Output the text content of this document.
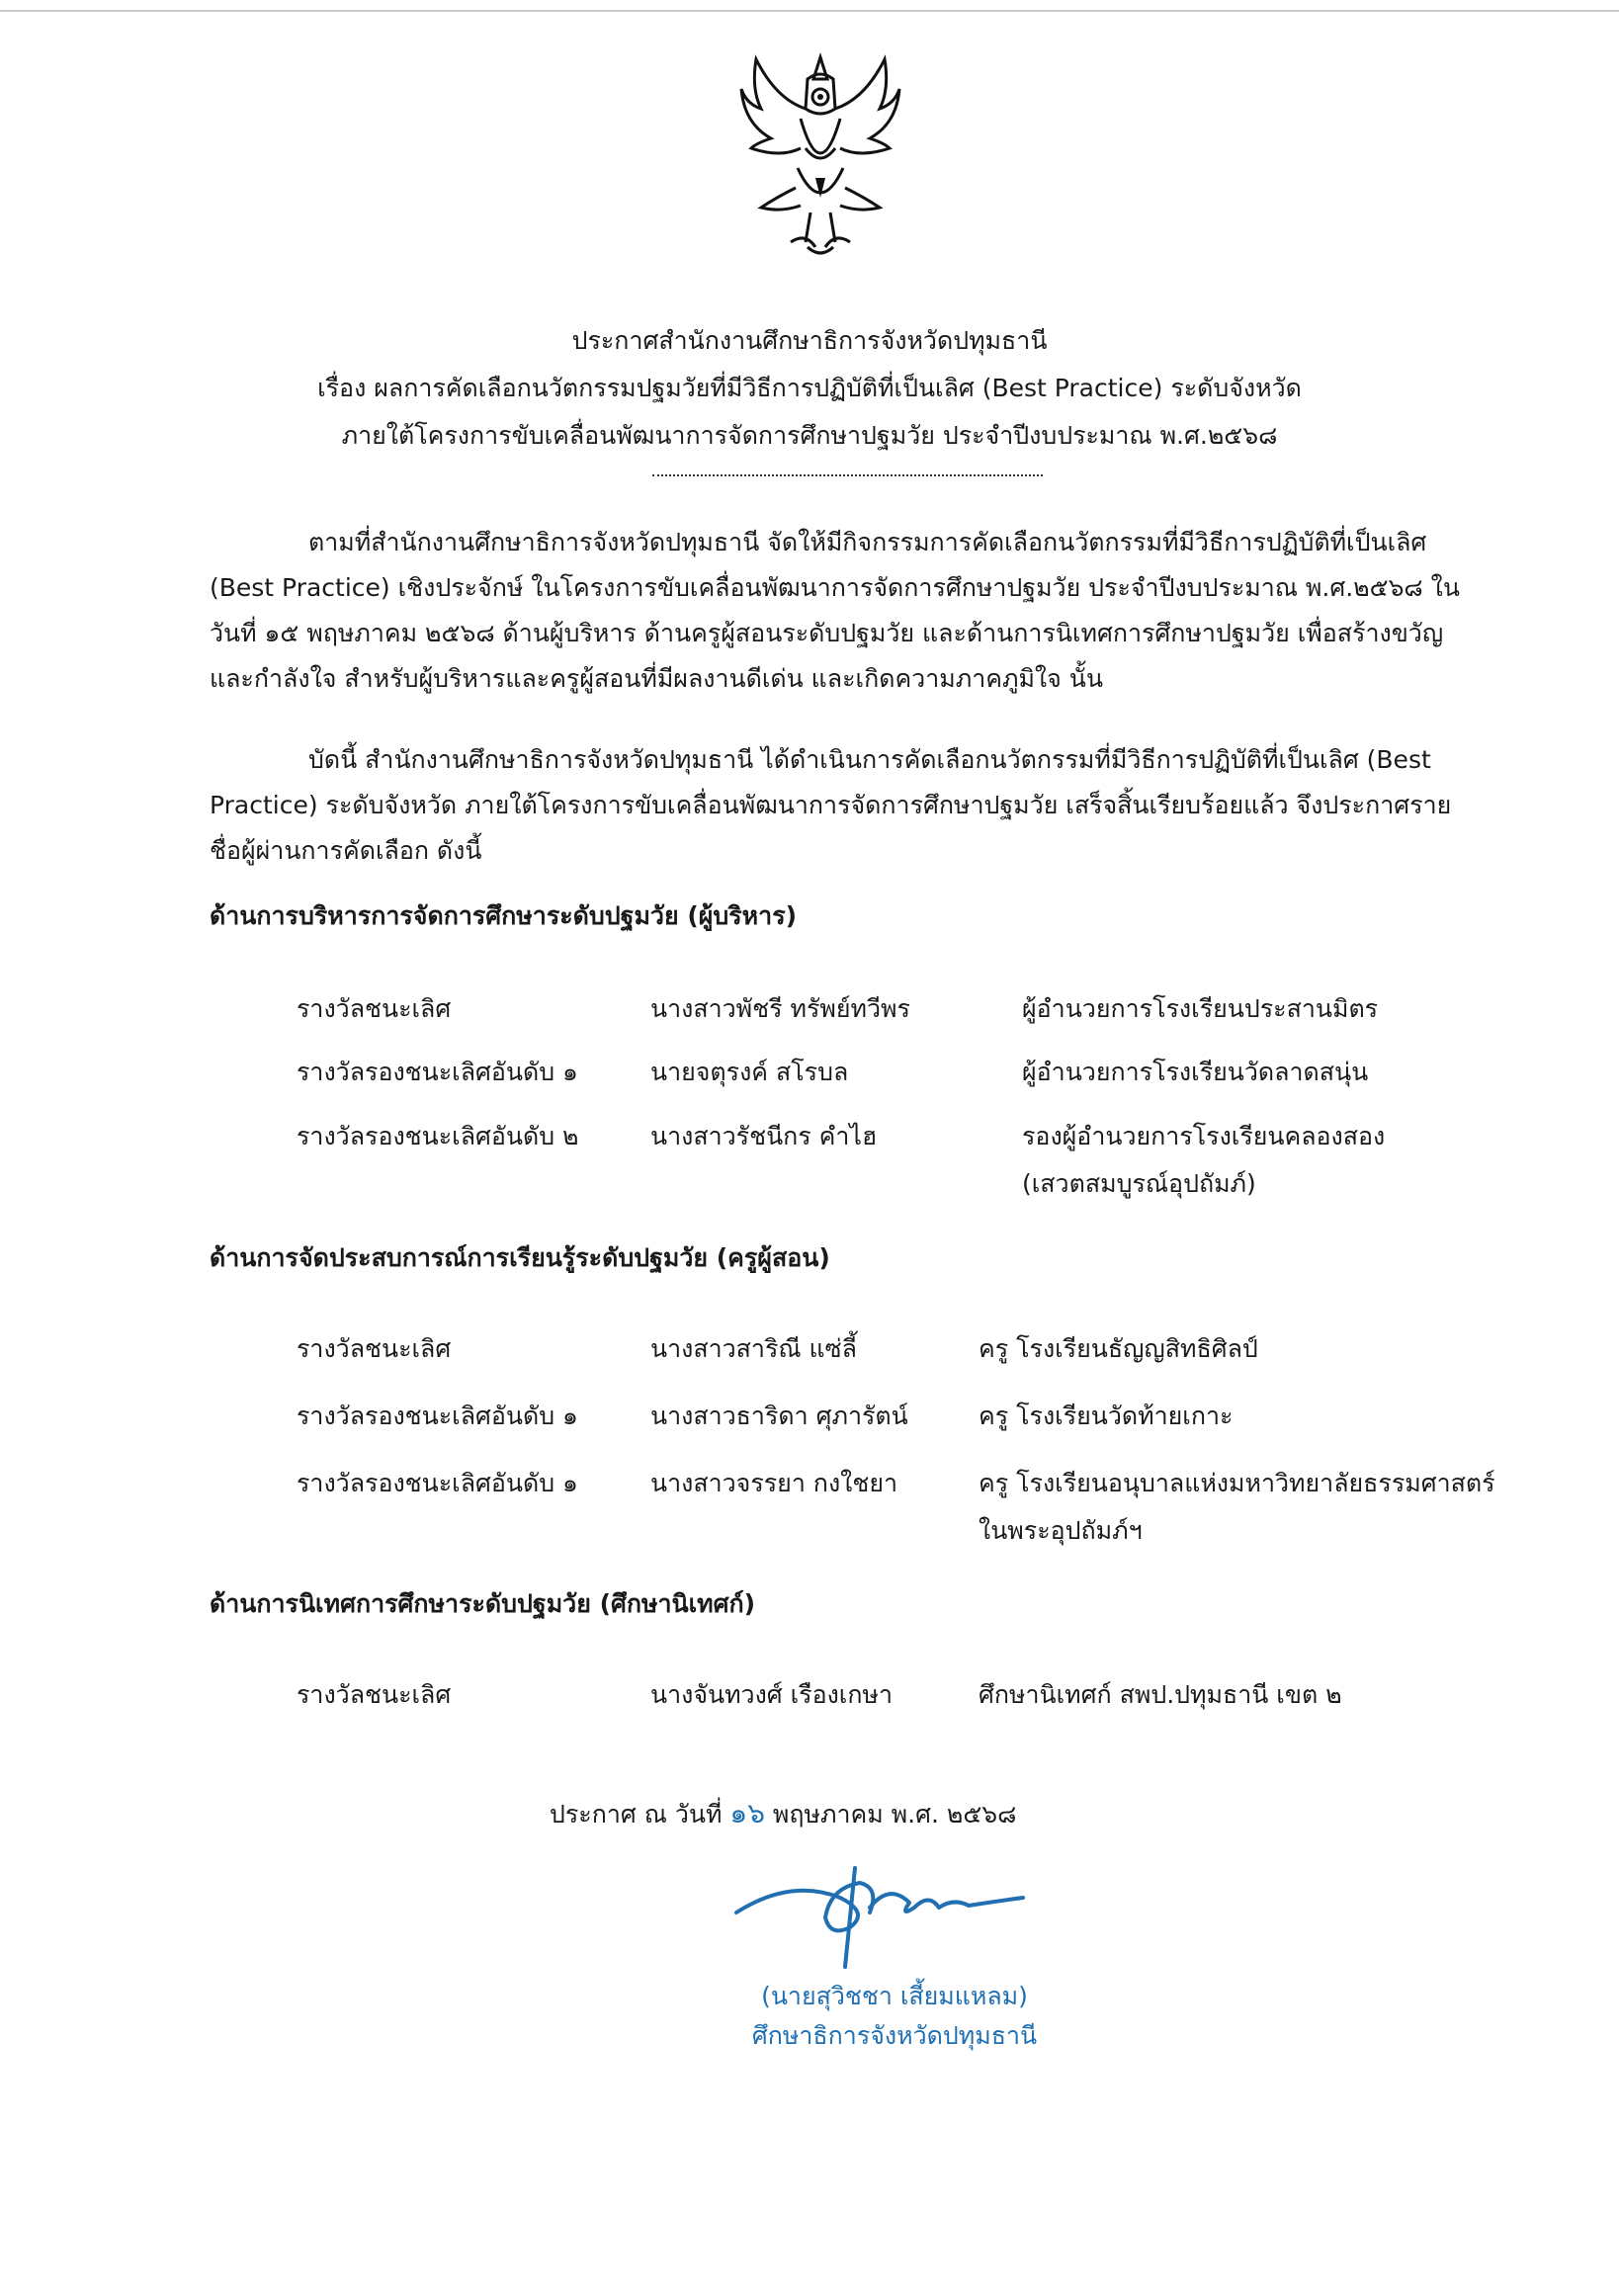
ประกาศสำนักงานศึกษาธิการจังหวัดปทุมธานี
เรื่อง ผลการคัดเลือกนวัตกรรมปฐมวัยที่มีวิธีการปฏิบัติที่เป็นเลิศ (Best Practice) ระดับจังหวัด
ภายใต้โครงการขับเคลื่อนพัฒนาการจัดการศึกษาปฐมวัย ประจำปีงบประมาณ พ.ศ.๒๕๖๘
ตามที่สำนักงานศึกษาธิการจังหวัดปทุมธานี จัดให้มีกิจกรรมการคัดเลือกนวัตกรรมที่มีวิธีการปฏิบัติที่เป็นเลิศ (Best Practice) เชิงประจักษ์ ในโครงการขับเคลื่อนพัฒนาการจัดการศึกษาปฐมวัย ประจำปีงบประมาณ พ.ศ.๒๕๖๘ ในวันที่ ๑๕ พฤษภาคม ๒๕๖๘ ด้านผู้บริหาร ด้านครูผู้สอนระดับปฐมวัย และด้านการนิเทศการศึกษาปฐมวัย เพื่อสร้างขวัญและกำลังใจ สำหรับผู้บริหารและครูผู้สอนที่มีผลงานดีเด่น และเกิดความภาคภูมิใจ นั้น
บัดนี้ สำนักงานศึกษาธิการจังหวัดปทุมธานี ได้ดำเนินการคัดเลือกนวัตกรรมที่มีวิธีการปฏิบัติที่เป็นเลิศ (Best Practice) ระดับจังหวัด ภายใต้โครงการขับเคลื่อนพัฒนาการจัดการศึกษาปฐมวัย เสร็จสิ้นเรียบร้อยแล้ว จึงประกาศรายชื่อผู้ผ่านการคัดเลือก ดังนี้
ด้านการบริหารการจัดการศึกษาระดับปฐมวัย (ผู้บริหาร)
รางวัลชนะเลิศ	นางสาวพัชรี ทรัพย์ทวีพร	ผู้อำนวยการโรงเรียนประสานมิตร
รางวัลรองชนะเลิศอันดับ ๑	นายจตุรงค์ สโรบล	ผู้อำนวยการโรงเรียนวัดลาดสนุ่น
รางวัลรองชนะเลิศอันดับ ๒	นางสาวรัชนีกร คำไฮ	รองผู้อำนวยการโรงเรียนคลองสอง
(เสวตสมบูรณ์อุปถัมภ์)
ด้านการจัดประสบการณ์การเรียนรู้ระดับปฐมวัย (ครูผู้สอน)
รางวัลชนะเลิศ	นางสาวสาริณี แซ่ลี้	ครู โรงเรียนธัญญสิทธิศิลป์
รางวัลรองชนะเลิศอันดับ ๑	นางสาวธาริดา ศุภารัตน์	ครู โรงเรียนวัดท้ายเกาะ
รางวัลรองชนะเลิศอันดับ ๑	นางสาวจรรยา กงใชยา	ครู โรงเรียนอนุบาลแห่งมหาวิทยาลัยธรรมศาสตร์
ในพระอุปถัมภ์ฯ
ด้านการนิเทศการศึกษาระดับปฐมวัย (ศึกษานิเทศก์)
รางวัลชนะเลิศ	นางจันทวงศ์ เรืองเกษา	ศึกษานิเทศก์ สพป.ปทุมธานี เขต ๒
ประกาศ ณ วันที่ ๑๖ พฤษภาคม พ.ศ. ๒๕๖๘
(นายสุวิชชา เสี้ยมแหลม)
ศึกษาธิการจังหวัดปทุมธานี
